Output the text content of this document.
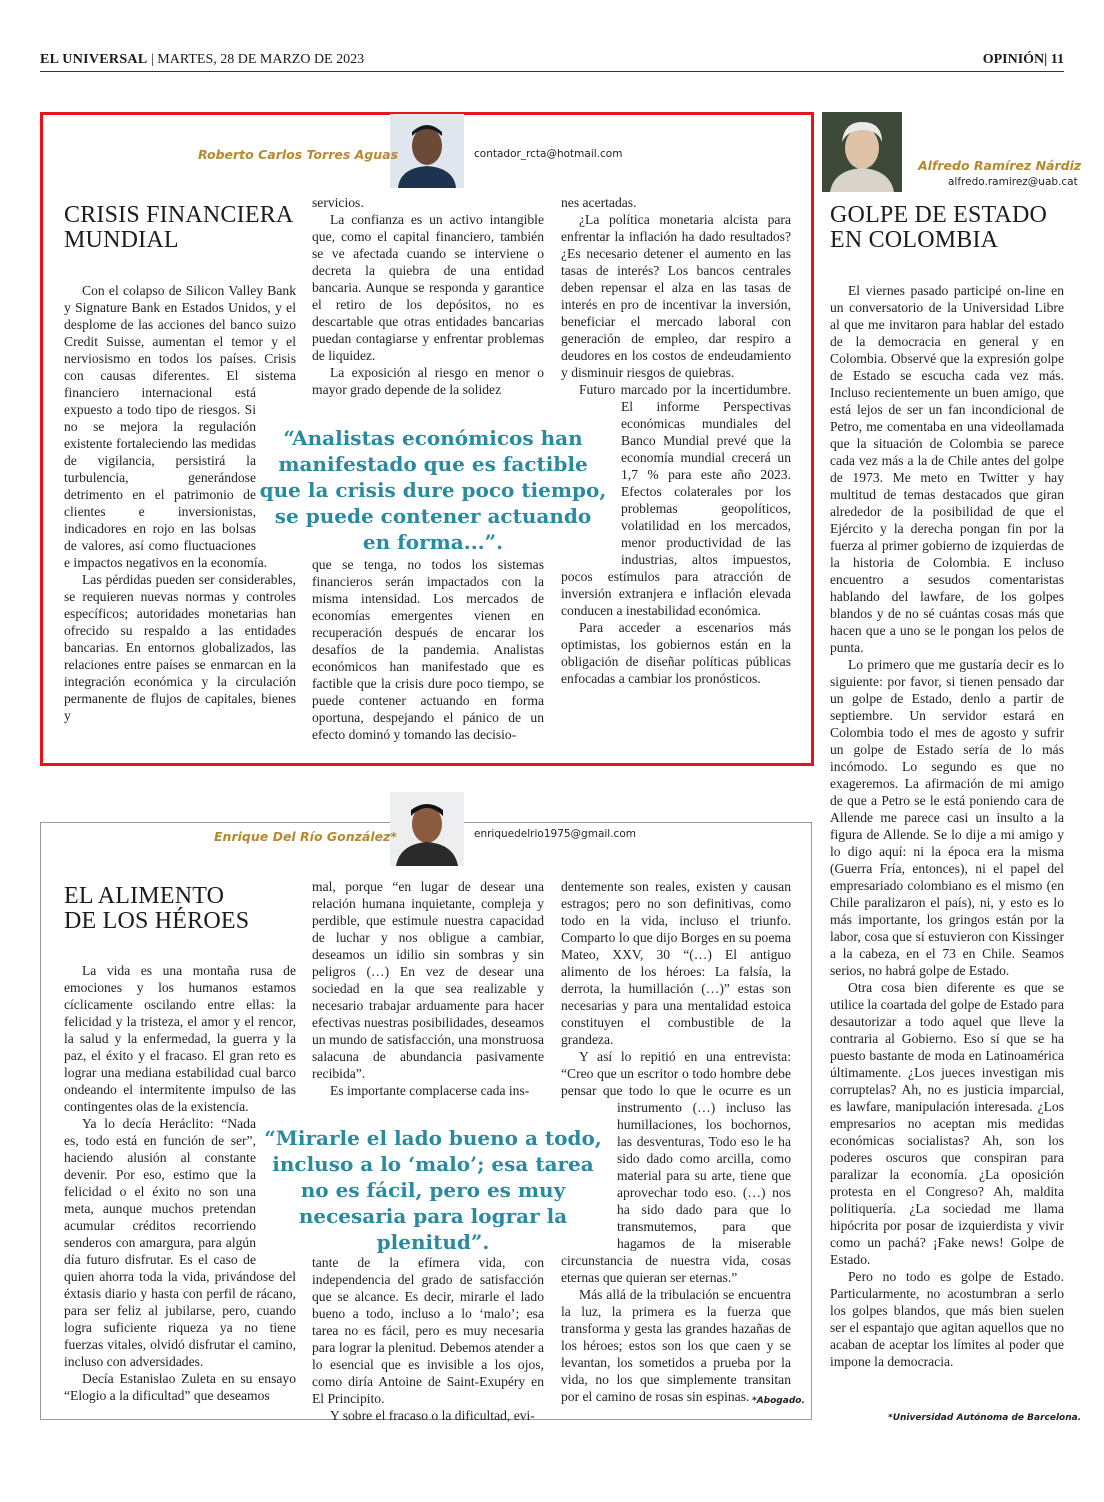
EL UNIVERSAL | MARTES, 28 DE MARZO DE 2023	OPINIÓN| 11
Roberto Carlos Torres Aguas	contador_rcta@hotmail.com
CRISIS FINANCIERA
MUNDIAL

Con el colapso de Silicon Valley Bank y Signature Bank en Estados Unidos, y el desplome de las acciones del banco suizo Credit Suisse, aumentan el temor y el nerviosismo en todos los países. Crisis con causas diferentes. El sistema financiero internacional está expuesto a todo tipo de riesgos. Si no se mejora la regulación existente fortaleciendo las medidas de vigilancia, persistirá la turbulencia, generándose detrimento en el patrimonio de clientes e inversionistas, indicadores en rojo en las bolsas de valores, así como fluctuaciones e impactos negativos en la economía.

Las pérdidas pueden ser considerables, se requieren nuevas normas y controles específicos; autoridades monetarias han ofrecido su respaldo a las entidades bancarias. En entornos globalizados, las relaciones entre países se enmarcan en la integración económica y la circulación permanente de flujos de capitales, bienes y

servicios.

La confianza es un activo intangible que, como el capital financiero, también se ve afectada cuando se interviene o decreta la quiebra de una entidad bancaria. Aunque se responda y garantice el retiro de los depósitos, no es descartable que otras entidades bancarias puedan contagiarse y enfrentar problemas de liquidez.

La exposición al riesgo en menor o mayor grado depende de la solidez

“Analistas económicos han manifestado que es factible que la crisis dure poco tiempo, se puede contener actuando en forma...”.

que se tenga, no todos los sistemas financieros serán impactados con la misma intensidad. Los mercados de economías emergentes vienen en recuperación después de encarar los desafíos de la pandemia. Analistas económicos han manifestado que es factible que la crisis dure poco tiempo, se puede contener actuando en forma oportuna, despejando el pánico de un efecto dominó y tomando las decisio-

nes acertadas.

¿La política monetaria alcista para enfrentar la inflación ha dado resultados? ¿Es necesario detener el aumento en las tasas de interés? Los bancos centrales deben repensar el alza en las tasas de interés en pro de incentivar la inversión, beneficiar el mercado laboral con generación de empleo, dar respiro a deudores en los costos de endeudamiento y disminuir riesgos de quiebras.

Futuro marcado por la incertidumbre. El informe Perspectivas económicas mundiales del Banco Mundial prevé que la economía mundial crecerá un 1,7 % para este año 2023. Efectos colaterales por los problemas geopolíticos, volatilidad en los mercados, menor productividad de las industrias, altos impuestos, pocos estímulos para atracción de inversión extranjera e inflación elevada conducen a inestabilidad económica.

Para acceder a escenarios más optimistas, los gobiernos están en la obligación de diseñar políticas públicas enfocadas a cambiar los pronósticos.

Enrique Del Río González*	enriquedelrio1975@gmail.com
EL ALIMENTO
DE LOS HÉROES

La vida es una montaña rusa de emociones y los humanos estamos cíclicamente oscilando entre ellas: la felicidad y la tristeza, el amor y el rencor, la salud y la enfermedad, la guerra y la paz, el éxito y el fracaso. El gran reto es lograr una mediana estabilidad cual barco ondeando el intermitente impulso de las contingentes olas de la existencia.

Ya lo decía Heráclito: “Nada es, todo está en función de ser”, haciendo alusión al constante devenir. Por eso, estimo que la felicidad o el éxito no son una meta, aunque muchos pretendan acumular créditos recorriendo senderos con amargura, para algún día futuro disfrutar. Es el caso de quien ahorra toda la vida, privándose del éxtasis diario y hasta con perfil de rácano, para ser feliz al jubilarse, pero, cuando logra suficiente riqueza ya no tiene fuerzas vitales, olvidó disfrutar el camino, incluso con adversidades.

Decía Estanislao Zuleta en su ensayo “Elogio a la dificultad” que deseamos

mal, porque “en lugar de desear una relación humana inquietante, compleja y perdible, que estimule nuestra capacidad de luchar y nos obligue a cambiar, deseamos un idilio sin sombras y sin peligros (…) En vez de desear una sociedad en la que sea realizable y necesario trabajar arduamente para hacer efectivas nuestras posibilidades, deseamos un mundo de satisfacción, una monstruosa salacuna de abundancia pasivamente recibida”.

Es importante complacerse cada ins-

“Mirarle el lado bueno a todo, incluso a lo ‘malo’; esa tarea no es fácil, pero es muy necesaria para lograr la plenitud”.

tante de la efímera vida, con independencia del grado de satisfacción que se alcance. Es decir, mirarle el lado bueno a todo, incluso a lo ‘malo’; esa tarea no es fácil, pero es muy necesaria para lograr la plenitud. Debemos atender a lo esencial que es invisible a los ojos, como diría Antoine de Saint-Exupéry en El Principito.

Y sobre el fracaso o la dificultad, evi-

dentemente son reales, existen y causan estragos; pero no son definitivas, como todo en la vida, incluso el triunfo. Comparto lo que dijo Borges en su poema Mateo, XXV, 30 “(…) El antiguo alimento de los héroes: La falsía, la derrota, la humillación (…)” estas son necesarias y para una mentalidad estoica constituyen el combustible de la grandeza.

Y así lo repitió en una entrevista: “Creo que un escritor o todo hombre debe pensar que todo lo que le ocurre es un instrumento (…) incluso las humillaciones, los bochornos, las desventuras, Todo eso le ha sido dado como arcilla, como material para su arte, tiene que aprovechar todo eso. (…) nos ha sido dado para que lo transmutemos, para que hagamos de la miserable circunstancia de nuestra vida, cosas eternas que quieran ser eternas.”

Más allá de la tribulación se encuentra la luz, la primera es la fuerza que transforma y gesta las grandes hazañas de los héroes; estos son los que caen y se levantan, los sometidos a prueba por la vida, no los que simplemente transitan por el camino de rosas sin espinas. *Abogado.
Alfredo Ramírez Nárdiz
alfredo.ramirez@uab.cat
GOLPE DE ESTADO
EN COLOMBIA

El viernes pasado participé on-line en un conversatorio de la Universidad Libre al que me invitaron para hablar del estado de la democracia en general y en Colombia. Observé que la expresión golpe de Estado se escucha cada vez más. Incluso recientemente un buen amigo, que está lejos de ser un fan incondicional de Petro, me comentaba en una videollamada que la situación de Colombia se parece cada vez más a la de Chile antes del golpe de 1973. Me meto en Twitter y hay multitud de temas destacados que giran alrededor de la posibilidad de que el Ejército y la derecha pongan fin por la fuerza al primer gobierno de izquierdas de la historia de Colombia. E incluso encuentro a sesudos comentaristas hablando del lawfare, de los golpes blandos y de no sé cuántas cosas más que hacen que a uno se le pongan los pelos de punta.

Lo primero que me gustaría decir es lo siguiente: por favor, si tienen pensado dar un golpe de Estado, denlo a partir de septiembre. Un servidor estará en Colombia todo el mes de agosto y sufrir un golpe de Estado sería de lo más incómodo. Lo segundo es que no exageremos. La afirmación de mi amigo de que a Petro se le está poniendo cara de Allende me parece casi un insulto a la figura de Allende. Se lo dije a mi amigo y lo digo aquí: ni la época era la misma (Guerra Fría, entonces), ni el papel del empresariado colombiano es el mismo (en Chile paralizaron el país), ni, y esto es lo más importante, los gringos están por la labor, cosa que sí estuvieron con Kissinger a la cabeza, en el 73 en Chile. Seamos serios, no habrá golpe de Estado.

Otra cosa bien diferente es que se utilice la coartada del golpe de Estado para desautorizar a todo aquel que lleve la contraria al Gobierno. Eso sí que se ha puesto bastante de moda en Latinoamérica últimamente. ¿Los jueces investigan mis corruptelas? Ah, no es justicia imparcial, es lawfare, manipulación interesada. ¿Los empresarios no aceptan mis medidas económicas socialistas? Ah, son los poderes oscuros que conspiran para paralizar la economía. ¿La oposición protesta en el Congreso? Ah, maldita politiquería. ¿La sociedad me llama hipócrita por posar de izquierdista y vivir como un pachá? ¡Fake news! Golpe de Estado.

Pero no todo es golpe de Estado. Particularmente, no acostumbran a serlo los golpes blandos, que más bien suelen ser el espantajo que agitan aquellos que no acaban de aceptar los límites al poder que impone la democracia.

*Universidad Autónoma de Barcelona.
